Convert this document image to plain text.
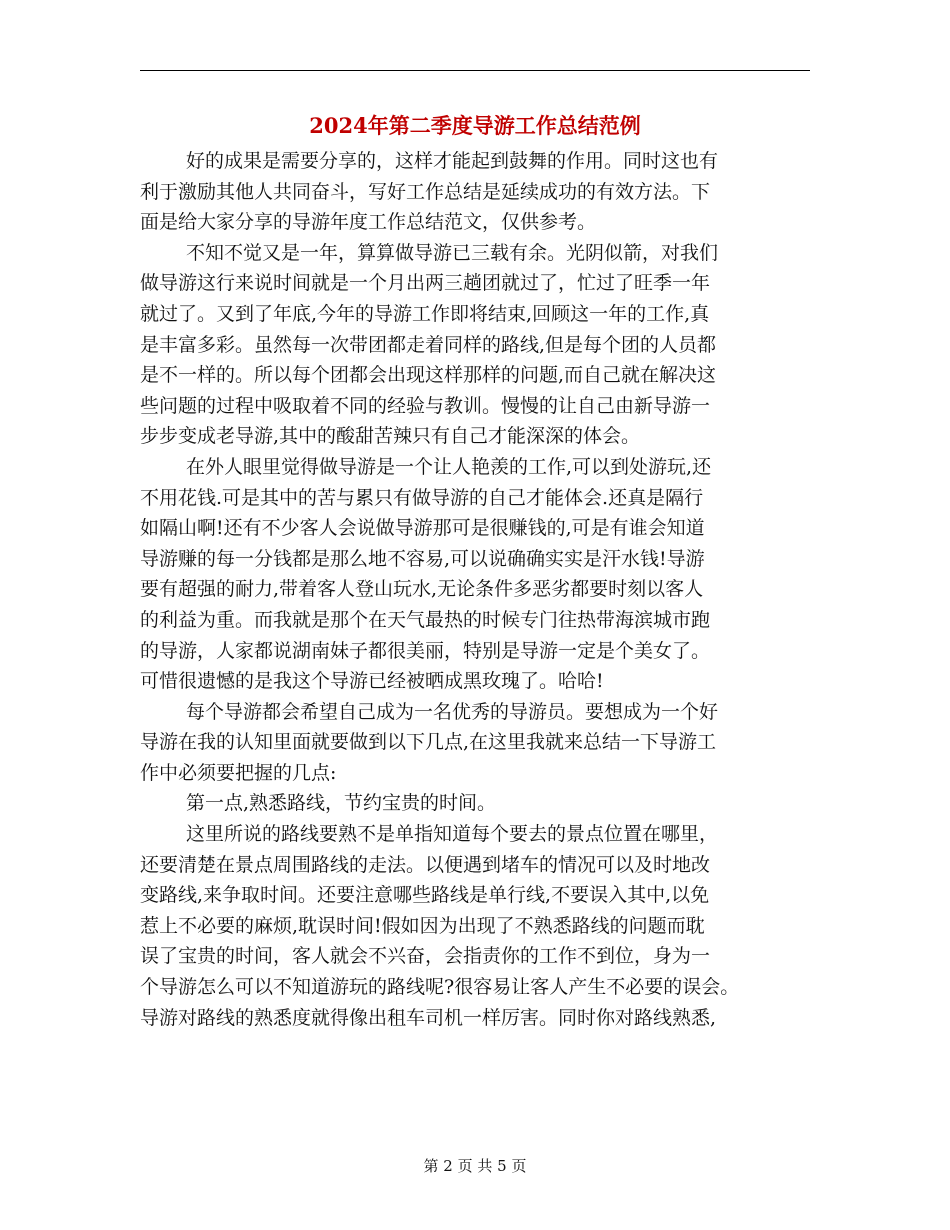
2024年第二季度导游工作总结范例
好的成果是需要分享的，这样才能起到鼓舞的作用。同时这也有
利于激励其他人共同奋斗，写好工作总结是延续成功的有效方法。下
面是给大家分享的导游年度工作总结范文，仅供参考。
不知不觉又是一年，算算做导游已三载有余。光阴似箭，对我们
做导游这行来说时间就是一个月出两三趟团就过了，忙过了旺季一年
就过了。又到了年底,今年的导游工作即将结束,回顾这一年的工作,真
是丰富多彩。虽然每一次带团都走着同样的路线,但是每个团的人员都
是不一样的。所以每个团都会出现这样那样的问题,而自己就在解决这
些问题的过程中吸取着不同的经验与教训。慢慢的让自己由新导游一
步步变成老导游,其中的酸甜苦辣只有自己才能深深的体会。
在外人眼里觉得做导游是一个让人艳羡的工作,可以到处游玩,还
不用花钱.可是其中的苦与累只有做导游的自己才能体会.还真是隔行
如隔山啊!还有不少客人会说做导游那可是很赚钱的,可是有谁会知道
导游赚的每一分钱都是那么地不容易,可以说确确实实是汗水钱!导游
要有超强的耐力,带着客人登山玩水,无论条件多恶劣都要时刻以客人
的利益为重。而我就是那个在天气最热的时候专门往热带海滨城市跑
的导游，人家都说湖南妹子都很美丽，特别是导游一定是个美女了。
可惜很遗憾的是我这个导游已经被晒成黑玫瑰了。哈哈!
每个导游都会希望自己成为一名优秀的导游员。要想成为一个好
导游在我的认知里面就要做到以下几点,在这里我就来总结一下导游工
作中必须要把握的几点:
第一点,熟悉路线，节约宝贵的时间。
这里所说的路线要熟不是单指知道每个要去的景点位置在哪里，
还要清楚在景点周围路线的走法。以便遇到堵车的情况可以及时地改
变路线,来争取时间。还要注意哪些路线是单行线,不要误入其中,以免
惹上不必要的麻烦,耽误时间!假如因为出现了不熟悉路线的问题而耽
误了宝贵的时间，客人就会不兴奋，会指责你的工作不到位，身为一
个导游怎么可以不知道游玩的路线呢?很容易让客人产生不必要的误会。
导游对路线的熟悉度就得像出租车司机一样厉害。同时你对路线熟悉,
第 2 页 共 5 页
